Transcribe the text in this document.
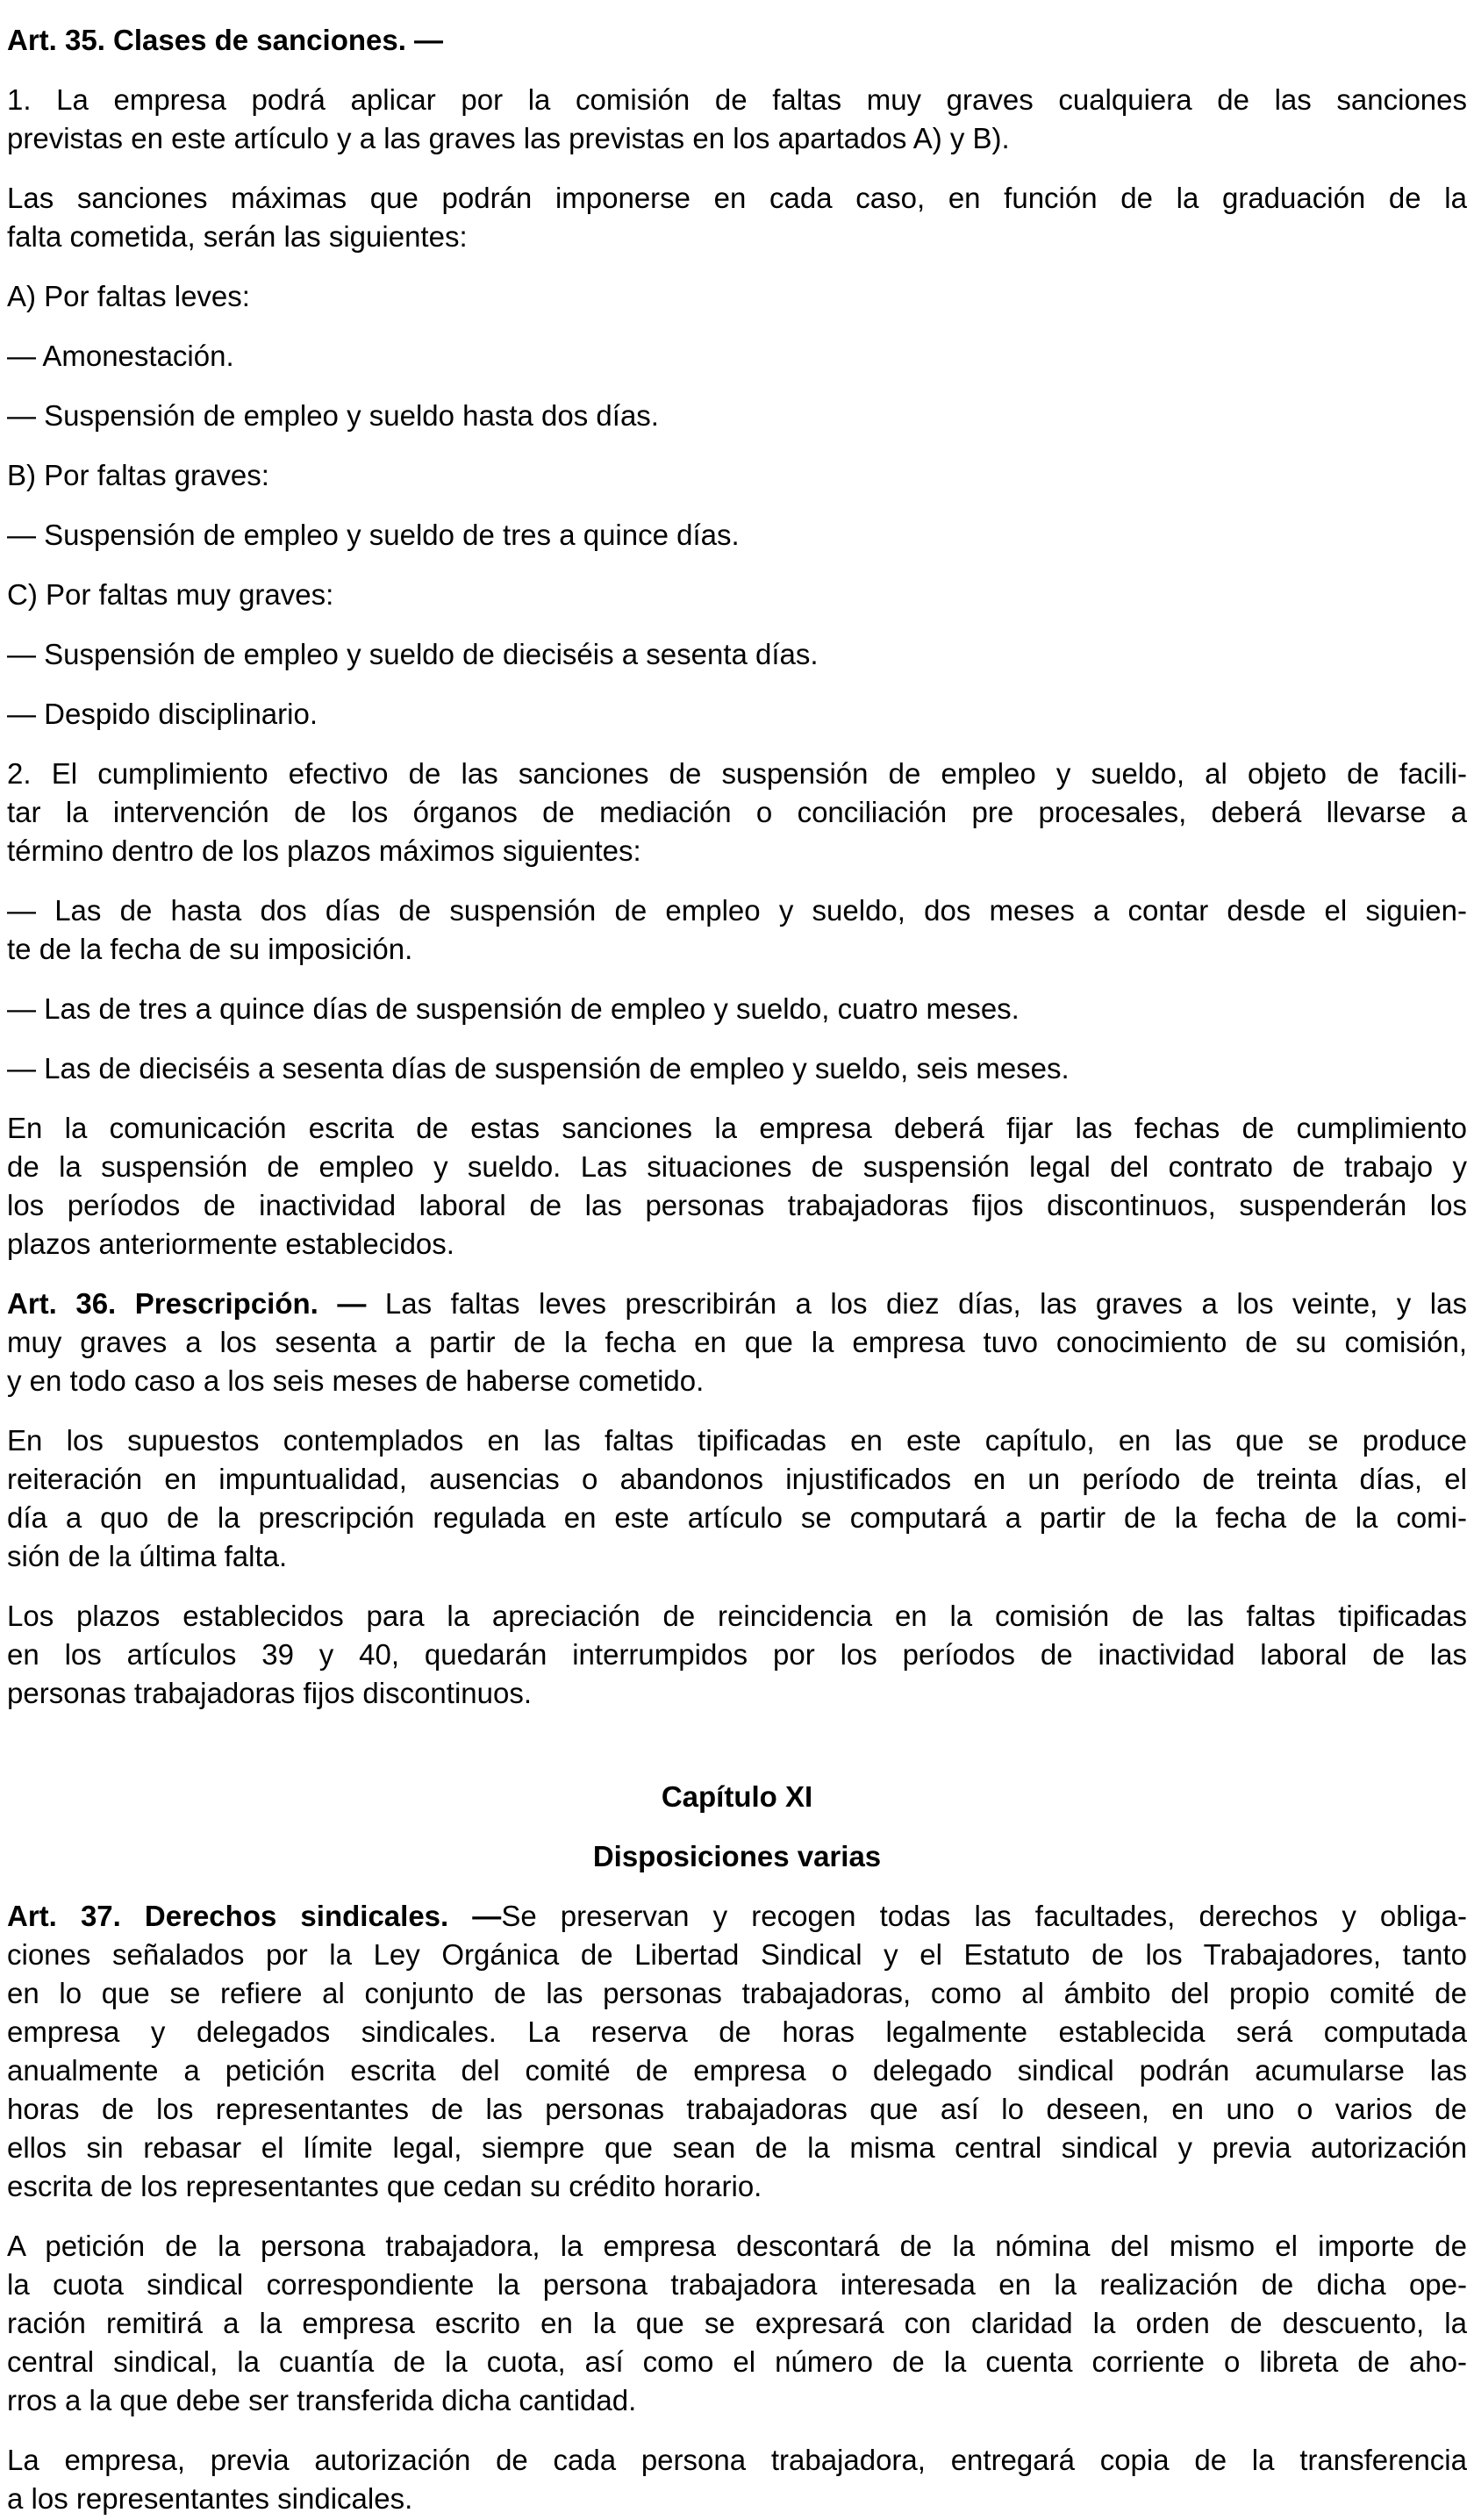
Art. 35. Clases de sanciones. —
1. La empresa podrá aplicar por la comisión de faltas muy graves cualquiera de las sanciones
previstas en este artículo y a las graves las previstas en los apartados A) y B).
Las sanciones máximas que podrán imponerse en cada caso, en función de la graduación de la
falta cometida, serán las siguientes:
A) Por faltas leves:
— Amonestación.
— Suspensión de empleo y sueldo hasta dos días.
B) Por faltas graves:
— Suspensión de empleo y sueldo de tres a quince días.
C) Por faltas muy graves:
— Suspensión de empleo y sueldo de dieciséis a sesenta días.
— Despido disciplinario.
2. El cumplimiento efectivo de las sanciones de suspensión de empleo y sueldo, al objeto de facili-
tar la intervención de los órganos de mediación o conciliación pre procesales, deberá llevarse a
término dentro de los plazos máximos siguientes:
— Las de hasta dos días de suspensión de empleo y sueldo, dos meses a contar desde el siguien-
te de la fecha de su imposición.
— Las de tres a quince días de suspensión de empleo y sueldo, cuatro meses.
— Las de dieciséis a sesenta días de suspensión de empleo y sueldo, seis meses.
En la comunicación escrita de estas sanciones la empresa deberá fijar las fechas de cumplimiento
de la suspensión de empleo y sueldo. Las situaciones de suspensión legal del contrato de trabajo y
los períodos de inactividad laboral de las personas trabajadoras fijos discontinuos, suspenderán los
plazos anteriormente establecidos.
Art. 36. Prescripción. — Las faltas leves prescribirán a los diez días, las graves a los veinte, y las
muy graves a los sesenta a partir de la fecha en que la empresa tuvo conocimiento de su comisión,
y en todo caso a los seis meses de haberse cometido.
En los supuestos contemplados en las faltas tipificadas en este capítulo, en las que se produce
reiteración en impuntualidad, ausencias o abandonos injustificados en un período de treinta días, el
día a quo de la prescripción regulada en este artículo se computará a partir de la fecha de la comi-
sión de la última falta.
Los plazos establecidos para la apreciación de reincidencia en la comisión de las faltas tipificadas
en los artículos 39 y 40, quedarán interrumpidos por los períodos de inactividad laboral de las
personas trabajadoras fijos discontinuos.
Capítulo XI
Disposiciones varias
Art. 37. Derechos sindicales. —Se preservan y recogen todas las facultades, derechos y obliga-
ciones señalados por la Ley Orgánica de Libertad Sindical y el Estatuto de los Trabajadores, tanto
en lo que se refiere al conjunto de las personas trabajadoras, como al ámbito del propio comité de
empresa y delegados sindicales. La reserva de horas legalmente establecida será computada
anualmente a petición escrita del comité de empresa o delegado sindical podrán acumularse las
horas de los representantes de las personas trabajadoras que así lo deseen, en uno o varios de
ellos sin rebasar el límite legal, siempre que sean de la misma central sindical y previa autorización
escrita de los representantes que cedan su crédito horario.
A petición de la persona trabajadora, la empresa descontará de la nómina del mismo el importe de
la cuota sindical correspondiente la persona trabajadora interesada en la realización de dicha ope-
ración remitirá a la empresa escrito en la que se expresará con claridad la orden de descuento, la
central sindical, la cuantía de la cuota, así como el número de la cuenta corriente o libreta de aho-
rros a la que debe ser transferida dicha cantidad.
La empresa, previa autorización de cada persona trabajadora, entregará copia de la transferencia
a los representantes sindicales.
